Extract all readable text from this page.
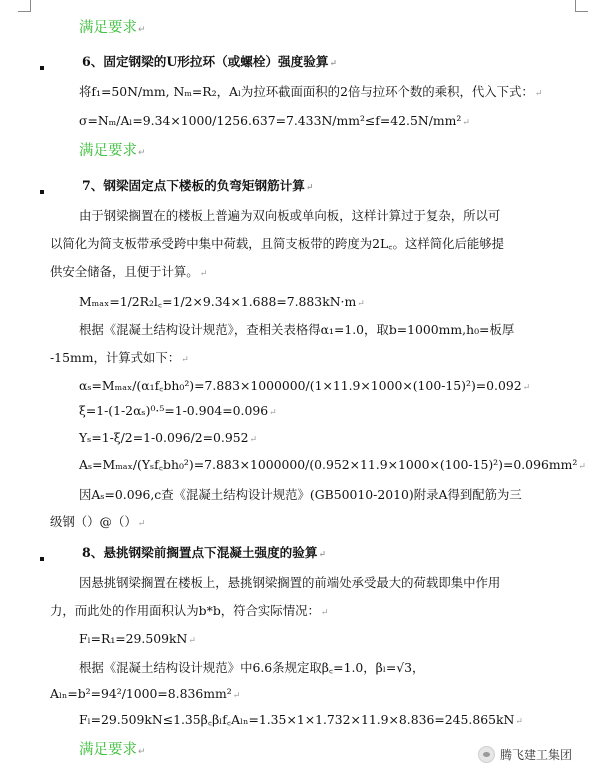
满足要求↵
6、固定钢梁的U形拉环（或螺栓）强度验算↵
将f₁=50N/mm, Nₘ=R₂，Aₗ为拉环截面面积的2倍与拉环个数的乘积，代入下式：↵
σ=Nₘ/Aₗ=9.34×1000/1256.637=7.433N/mm²≤f=42.5N/mm²↵
满足要求↵
7、钢梁固定点下楼板的负弯矩钢筋计算↵
由于钢梁搁置在的楼板上普遍为双向板或单向板，这样计算过于复杂，所以可
以简化为简支板带承受跨中集中荷载，且简支板带的跨度为2L꜀。这样简化后能够提
供安全储备，且便于计算。↵
Mₘₐₓ=1/2R₂l꜀=1/2×9.34×1.688=7.883kN·m↵
根据《混凝土结构设计规范》，查相关表格得α₁=1.0，取b=1000mm,h₀=板厚
-15mm，计算式如下：↵
αₛ=Mₘₐₓ/(α₁f꜀bh₀²)=7.883×1000000/(1×11.9×1000×(100-15)²)=0.092↵
ξ=1-(1-2αₛ)⁰·⁵=1-0.904=0.096↵
Yₛ=1-ξ/2=1-0.096/2=0.952↵
Aₛ=Mₘₐₓ/(Yₛf꜀bh₀²)=7.883×1000000/(0.952×11.9×1000×(100-15)²)=0.096mm²↵
因Aₛ=0.096,c查《混凝土结构设计规范》(GB50010-2010)附录A得到配筋为三
级钢（）@（）↵
8、悬挑钢梁前搁置点下混凝土强度的验算↵
因悬挑钢梁搁置在楼板上，悬挑钢梁搁置的前端处承受最大的荷载即集中作用
力，而此处的作用面积认为b*b，符合实际情况：↵
Fₗ=R₁=29.509kN↵
根据《混凝土结构设计规范》中6.6条规定取β꜀=1.0，βₗ=√3，
Aₗₙ=b²=94²/1000=8.836mm²↵
Fₗ=29.509kN≤1.35β꜀βₗf꜀Aₗₙ=1.35×1×1.732×11.9×8.836=245.865kN↵
满足要求↵	腾飞建工集团
